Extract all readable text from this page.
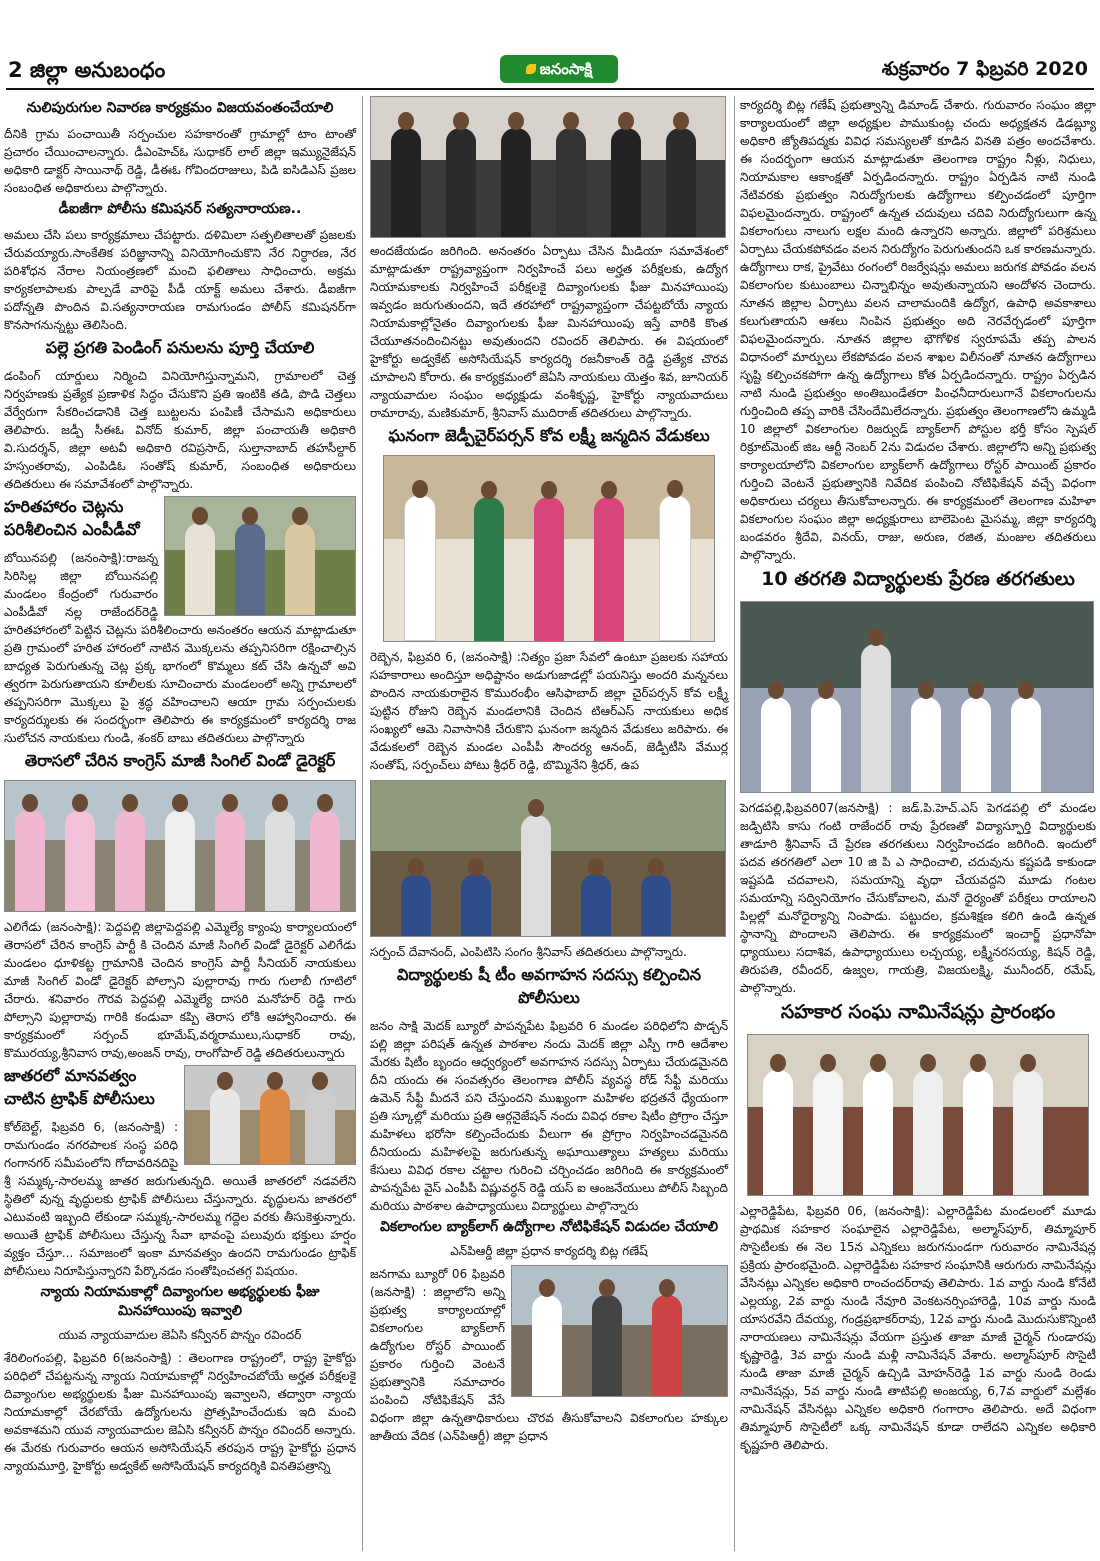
2 జిల్లా అనుబంధం	జనంసాక్షి	శుక్రవారం 7 ఫిబ్రవరి 2020
నులిపురుగుల నివారణ కార్యక్రమం విజయవంతంచేయాలి

దీనికి గ్రామ పంచాయితీ సర్పంచుల సహకారంతో గ్రామాల్లో టాం టాంతో ప్రచారం చేయించాలన్నారు. డీఎంహెచ్ఓ సుధాకర్ లాల్ జిల్లా ఇమ్యునైజేషన్ అధికారి డాక్టర్ సాయినాథ్ రెడ్డి, డీఈఓ గోవిందరాజులు, పిడి ఐసిడిఎస్ ప్రజల సంబంధిత అధికారులు పాల్గొన్నారు.

డీఐజీగా పోలీసు కమిషనర్ సత్యనారాయణ..

అమలు చేసి పలు కార్యక్రమాలు చేపట్టారు. దళిమిలా సత్ఫలితాలతో ప్రజలకు చేరువయ్యారు.సాంకేతిక పరిజ్ఞానాన్ని వినియోగించుకొని నేర నిర్ధారణ, నేర పరిశోధన నేరాల నియంత్రణలో మంచి ఫలితాలు సాధించారు. అక్రమ కార్యకలాపాలకు పాల్పడే వారిపై పీడీ యాక్ట్ అమలు చేశారు. డీఐజీగా పదోన్నతి పొందిన వి.సత్యనారాయణ రామగుండం పోలీస్ కమిషనర్‌గా కొనసాగనున్నట్టు తెలిసింది.

పల్లె ప్రగతి పెండింగ్ పనులను పూర్తి చేయాలి

డంపింగ్ యార్డులు నిర్మించి వినియోగిస్తున్నామని, గ్రామాలలో చెత్త నిర్వహణకు ప్రత్యేక ప్రణాళిక సిద్ధం చేసుకొని ప్రతి ఇంటికి తడి, పొడి చెత్తలు వేర్వేరుగా సేకరించడానికి చెత్త బుట్టలను పంపిణీ చేసామని అధికారులు తెలిపారు. జడ్పీ సీఈఓ వినోద్ కుమార్, జిల్లా పంచాయతీ అధికారి వి.సుదర్శన్, జిల్లా అటవీ అధికారి రవిప్రసాద్, సుల్తానాబాద్ తహసీల్దార్ హస్సంతరావు, ఎంపిడిఓ సంతోష్ కుమార్, సంబంధిత అధికారులు తదితరులు ఈ సమావేశంలో పాల్గొన్నారు.

హరితహారం చెట్లను పరిశీలించిన ఎంపీడీవో

బోయినపల్లి (జనంసాక్షి):రాజన్న సిరిసిల్ల జిల్లా బోయినపల్లి మండలం కేంద్రంలో గురువారం ఎంపీడీవో నల్ల రాజేందర్‌రెడ్డి హరితహారంలో పెట్టిన చెట్లను పరిశీలించారు అనంతరం ఆయన మాట్లాడుతూ ప్రతి గ్రామంలో హరిత హారంలో నాటిన మొక్కలను తప్పనిసరిగా రక్షించాల్సిన బాధ్యత పెరుగుతున్న చెట్ల ప్రక్క భాగంలో కొమ్మలు కట్ చేసి ఉన్నచో అవి త్వరగా పెరుగుతాయని కూలీలకు సూచించారు మండలంలో అన్ని గ్రామాలలో తప్పనిసరిగా మొక్కలు పై శ్రద్ధ వహించాలని ఆయా గ్రామ సర్పంచులకు కార్యదర్శులకు ఈ సందర్భంగా తెలిపారు ఈ కార్యక్రమంలో కార్యదర్శి రాజ సులోచన నాయకులు గుండి, శంకర్ బాబు తదితరులు పాల్గొన్నారు

తెరాసలో చేరిన కాంగ్రెస్ మాజీ సింగిల్ విండో డైరెక్టర్

ఎలిగేడు (జనంసాక్షి): పెద్దపల్లి జిల్లాపెద్దపల్లి ఎమ్మెల్యే క్యాంపు కార్యాలయంలో తెరాసలో చేరిన కాంగ్రెస్ పార్టీ కి చెందిన మాజీ సింగిల్ విండో డైరెక్టర్ ఎలిగేడు మండలం ధూళికట్ట గ్రామానికి చెందిన కాంగ్రెస్ పార్టీ సీనియర్ నాయకులు మాజీ సింగిల్ విండో డైరెక్టర్ పోల్సాని పుల్లారావు గారు గులాబీ గూటిలో చేరారు. శనివారం గౌరవ పెద్దపల్లి ఎమ్మెల్యే దాసరి మనోహర్ రెడ్డి గారు పోల్సాని పుల్లారావు గారికి కండువా కప్పి తెరాస లోకి ఆహ్వానించారు. ఈ కార్యక్రమంలో సర్పంచ్ భూమేష్,వర్మరాములు,సుధాకర్ రావు, కొమురయ్య,శ్రీనివాస రావు,అంజన్ రావు, రాంగోపాల్ రెడ్డి తదితరులున్నారు

జాతరలో మానవత్వం చాటిన ట్రాఫిక్ పోలీసులు

కోల్‌బెల్ట్, ఫిబ్రవరి 6, (జనంసాక్షి) : రామగుండం నగరపాలక సంస్థ పరిధి గంగానగర్ సమీపంలోని గోదావరినదిపై శ్రీ సమ్మక్క-సారలమ్మ జాతర జరుగుతున్నది. అయితే జాతరలో నడవలేని స్థితిలో వున్న వృద్ధులకు ట్రాఫిక్ పోలీసులు చేస్తున్నారు. వృద్ధులను జాతరలో ఎటువంటి ఇబ్బంది లేకుండా సమ్మక్క-సారలమ్మ గద్దెల వరకు తీసుకెళ్తున్నారు. అయితే ట్రాఫిక్ పోలీసులు చేస్తున్న సేవా భావంపై పలువురు భక్తులు హర్షం వ్యక్తం చేస్తూ... సమాజంలో ఇంకా మానవత్వం ఉందని రామగుండం ట్రాఫిక్ పోలీసులు నిరూపిస్తున్నారని పేర్కొనడం సంతోషించతగ్గ విషయం.

న్యాయ నియామకాల్లో దివ్యాంగుల అభ్యర్థులకు ఫీజు మినహాయింపు ఇవ్వాలి
యువ న్యాయవాదుల జెఏసి కన్వీనర్ పొన్నం రవిందర్

శేరిలింగంపల్లి, ఫిబ్రవరి 6(జనంసాక్షి) : తెలంగాణ రాష్ట్రంలో, రాష్ట్ర హైకోర్టు పరిధిలో చేపట్టనున్న న్యాయ నియామకాల్లో నిర్వహించబోయే అర్హత పరీక్షలకై దివ్యాంగుల అభ్యర్థులకు ఫీజు మినహాయింపు ఇవ్వాలని, తద్వారా న్యాయ నియామకాల్లో చేరబోయే ఉద్యోగులను ప్రోత్సహించేందుకు ఇది మంచి అవకాశమని యువ న్యాయవాదుల జెఏసి కన్వీనర్ పొన్నం రవిందర్ అన్నారు. ఈ మేరకు గురువారం ఆయన అసోసియేషన్ తరపున రాష్ట్ర హైకోర్టు ప్రధాన న్యాయమూర్తి, హైకోర్టు అడ్వకేట్ అసోసియేషన్ కార్యదర్శికి వినతిపత్రాన్ని

అందజేయడం జరిగింది. అనంతరం ఏర్పాటు చేసిన మీడియా సమావేశంలో మాట్లాడుతూ రాష్ట్రవ్యాప్తంగా నిర్వహించే పలు అర్హత పరీక్షలకు, ఉద్యోగ నియామకాలకు నిర్వహించే పరీక్షలకై దివ్యాంగులకు ఫీజు మినహాయింపు ఇవ్వడం జరుగుతుందని, ఇదే తరహాలో రాష్ట్రవ్యాప్తంగా చేపట్టబోయే న్యాయ నియామకాల్లోనైతం దివ్యాంగులకు ఫీజు మినహాయింపు ఇస్తే వారికి కొంత చేయూతనందించినట్టు అవుతుందని రవిందర్ తెలిపారు. ఈ విషయంలో హైకోర్టు అడ్వకేట్ అసోసియేషన్ కార్యదర్శి రజనీకాంత్ రెడ్డి ప్రత్యేక చొరవ చూపాలని కోరారు. ఈ కార్యక్రమంలో జెఏసి నాయకులు యెత్తం శివ, జూనియర్ న్యాయవాదుల సంఘం అధ్యక్షుడు వంశీకృష్ణ, హైకోర్టు న్యాయవాదులు రామారావు, మణికుమార్, శ్రీనివాస్ ముదిరాజ్ తదితరులు పాల్గొన్నారు.

ఘనంగా జెడ్పీచైర్‌పర్సన్ కోవ లక్ష్మీ జన్మదిన వేడుకలు

రెబ్బెన, ఫిబ్రవరి 6, (జనంసాక్షి) :నిత్యం ప్రజా సేవలో ఉంటూ ప్రజలకు సహాయ సహకారాలు అందిస్తూ అధిష్టానం అడుగుజాడల్లో పయనిస్తు అందరి మన్ననలు పొందిన నాయకురాలైన కొమురంభీం ఆసిఫాబాద్ జిల్లా చైర్‌పర్సన్ కోవ లక్ష్మీ పుట్టిన రోజుని రెబ్బెన మండలానికి చెందిన టిఆర్ఎస్ నాయకులు అధిక సంఖ్యలో ఆమె నివాసానికి చేరుకొని ఘనంగా జన్మదిన వేడుకలు జరిపారు. ఈ వేడుకలలో రెబ్బెన మండల ఎంపీపీ సౌందర్య ఆనంద్, జెడ్పీటీసి వేముర్ల సంతోష్, సర్పంచ్‌లు పోటు శ్రీధర్ రెడ్డి, బొమ్మినేని శ్రీధర్, ఉప

సర్పంచ్ దేవానంద్, ఎంపిటిసి సంగం శ్రీనివాస్ తదితరులు పాల్గొన్నారు.

విద్యార్థులకు షీ టీం అవగాహన సదస్సు కల్పించిన పోలీసులు

జనం సాక్షి మెదక్ బ్యూరో పాపన్నపేట ఫిబ్రవరి 6 మండల పరిధిలోని పొడ్చన్ పల్లి జిల్లా పరిషత్ ఉన్నత పాఠశాల నందు మెదక్ జిల్లా ఎస్పీ గారి ఆదేశాల మేరకు షిటీం బృందం ఆధ్వర్యంలో అవగాహన సదస్సు ఏర్పాటు చేయడమైనది దీని యందు ఈ సంవత్సరం తెలంగాణ పోలీస్ వ్యవస్థ రోడ్ సేఫ్టీ మరియు ఉమెన్ సేఫ్టీ మీదనే పని చేస్తుందని ముఖ్యంగా మహిళల భద్రతనే ధ్యేయంగా ప్రతి స్కూల్లో మరియు ప్రతి ఆర్గనైజేషన్ నందు వివిధ రకాల షిటీం ప్రోగ్రాం చేస్తూ మహిళలు భరోసా కల్పించేందుకు వీలుగా ఈ ప్రోగ్రాం నిర్వహించడమైనది దీనియందు మహిళలపై జరుగుతున్న అఘాయిత్యాలు హత్యలు మరియు కేసులు వివిధ రకాల చట్టాల గురించి చర్చించడం జరిగింది ఈ కార్యక్రమంలో పాపన్నపేట వైస్ ఎంపీపీ విష్ణువర్ధన్ రెడ్డి యస్ ఐ ఆంజనేయులు పోలీస్ సిబ్బంది మరియు పాఠశాల ఉపాధ్యాయులు విద్యార్థులు పాల్గొన్నారు

వికలాంగుల బ్యాక్‌లాగ్ ఉద్యోగాల నోటిఫికేషన్ విడుదల చేయాలి
ఎన్‌పిఆర్డీ జిల్లా ప్రధాన కార్యదర్శి బిట్ల గణేష్

జనగామ బ్యూరో 06 ఫిబ్రవరి (జనసాక్షి) : జిల్లాలోని అన్ని ప్రభుత్వ కార్యాలయాల్లో వికలాంగుల బ్యాక్‌లాగ్ ఉద్యోగుల రోస్టర్ పాయింట్ ప్రకారం గుర్తించి వెంటనే ప్రభుత్వానికి సమాచారం పంపించి నోటిఫికేషన్ వేసే విధంగా జిల్లా ఉన్నతాధికారులు చొరవ తీసుకోవాలని వికలాంగుల హక్కుల జాతీయ వేదిక (ఎన్‌పిఆర్డీ) జిల్లా ప్రధాన

కార్యదర్శి బిట్ల గణేష్ ప్రభుత్వాన్ని డిమాండ్ చేశారు. గురువారం సంఘం జిల్లా కార్యాలయంలో జిల్లా అధ్యక్షుల పాముకుంట్ల చందు అధ్యక్షతన డిడబ్ల్యూ అధికారి జ్యోతిపద్మకు వివిధ సమస్యలతో కూడిన వినతి పత్రం అందచేశారు. ఈ సందర్భంగా ఆయన మాట్లాడుతూ తెలంగాణ రాష్ట్రం నీళ్లు, నిధులు, నియామకాల ఆకాంక్షతో ఏర్పడిందన్నారు. రాష్ట్రం ఏర్పడిన నాటి నుండి నేటివరకు ప్రభుత్వం నిరుద్యోగులకు ఉద్యోగాలు కల్పించడంలో పూర్తిగా విఫలమైందన్నారు. రాష్ట్రంలో ఉన్నత చదువులు చదివి నిరుద్యోగులుగా ఉన్న వికలాంగులు నాలుగు లక్షల మంది ఉన్నారని అన్నారు. జిల్లాలో పరిశ్రమలు ఏర్పాటు చేయకపోవడం వలన నిరుద్యోగం పెరుగుతుందని ఒక కారణమన్నారు. ఉద్యోగాలు రాక, ప్రైవేటు రంగంలో రిజర్వేషన్లు అమలు జరుగక పోవడం వలన వికలాంగుల కుటుంబాలు చిన్నాభిన్నం అవుతున్నాయని ఆందోళన చెందారు. నూతన జిల్లాల ఏర్పాటు వలన చాలామందికి ఉద్యోగ, ఉపాధి అవకాశాలు కలుగుతాయని ఆశలు నింపిన ప్రభుత్వం అది నెరవేర్చడంలో పూర్తిగా విఫలమైందన్నారు. నూతన జిల్లాల భౌగోళిక స్వరూపమే తప్ప పాలన విధానంలో మార్పులు లేకపోవడం వలన శాఖల విలీనంతో నూతన ఉద్యోగాలు సృష్టి కల్పించకపోగా ఉన్న ఉద్యోగాలు కోత ఏర్పడిందన్నారు. రాష్ట్రం ఏర్పడిన నాటి నుండి ప్రభుత్వం అంతిబుండేతరా పింఛనీదారులుగానే వికలాంగులను గుర్తించింది తప్ప వారికి చేసిందేమిలేదన్నారు. ప్రభుత్వం తెలంగాణలోని ఉమ్మడి 10 జిల్లాలో వికలాంగుల రిజర్వుడ్ బ్యాక్‌లాగ్ పోస్టుల భర్తీ కోసం స్పెషల్ రిక్రూట్‌మెంట్ జిఒ ఆర్టీ నెంబర్ 2ను విడుదల చేశారు. జిల్లాలోని అన్ని ప్రభుత్వ కార్యాలయాలోని వికలాంగుల బ్యాక్‌లాగ్ ఉద్యోగాలు రోస్టర్ పాయింట్ ప్రకారం గుర్తించి వెంటనే ప్రభుత్వానికి నివేదిక పంపించి నోటిఫికేషన్ వచ్చే విధంగా అధికారులు చర్యలు తీసుకోవాలన్నారు. ఈ కార్యక్రమంలో తెలంగాణ మహిళా వికలాంగుల సంఘం జిల్లా అధ్యక్షురాలు బాలెపెంట మైసమ్మ, జిల్లా కార్యదర్శి బండవరం శ్రీదేవి, వినయ్, రాజు, అరుణ, రజిత, మంజుల తదితరులు పాల్గొన్నారు.

10 తరగతి విద్యార్థులకు ప్రేరణ తరగతులు

పెగడపల్లి,ఫిబ్రవరి07(జనసాక్షి) : జడ్.పి.హెచ్.ఎస్ పెగడపల్లి లో మండల జడ్పిటిసి కాసు గంటి రాజేందర్ రావు ప్రేరణతో విద్యాస్ఫూర్తి విద్యార్థులకు తాడూరి శ్రీనివాస్ చే ప్రేరణ తరగతులు నిర్వహించడం జరిగింది. ఇందులో పదవ తరగతిలో ఎలా 10 జి పి ఎ సాధించాలి, చదువును కష్టపడి కాకుండా ఇష్టపడి చదవాలని, సమయాన్ని వృధా చేయవద్దని మూడు గంటల సమయాన్ని సద్వినియోగం చేసుకోవాలని, మనో ధైర్యంతో పరీక్షలు రాయాలని పిల్లల్లో మనోధైర్యాన్ని నింపాడు. పట్టుదల, క్రమశిక్షణ కలిగి ఉండి ఉన్నత స్థానాన్ని పొందాలని తెలిపారు. ఈ కార్యక్రమంలో ఇంచార్జ్ ప్రధానోపా ధ్యాయులు సదాశివ, ఉపాధ్యాయులు లచ్చయ్య, లక్ష్మీనరసయ్య, కిషన్ రెడ్డి, తిరుపతి, రవీందర్, ఉజ్వల, గాయత్రి, విజయలక్ష్మి, మునీందర్, రమేష్, పాల్గొన్నారు.

సహకార సంఘ నామినేషన్లు ప్రారంభం

ఎల్లారెడ్డిపేట, ఫిబ్రవరి 06, (జనంసాక్షి): ఎల్లారెడ్డిపేట మండలంలో మూడు ప్రాథమిక సహకార సంఘాలైన ఎల్లారెడ్డిపేట, అల్మాస్‌పూర్, తిమ్మాపూర్ సొసైటీలకు ఈ నెల 15న ఎన్నికలు జరుగనుండగా గురువారం నామినేషన్ల ప్రక్రియ ప్రారంభమైంది. ఎల్లారెడ్డిపేట సహకార సంఘానికి ఆరుగురు నామినేషన్లు వేసినట్లు ఎన్నికల అధికారి రాంచందర్‌రావు తెలిపారు. 1వ వార్డు నుండి కోనేటి ఎల్లయ్య, 2వ వార్డు నుండి నేవూరి వెంకటనర్సింహారెడ్డి, 10వ వార్డు నుండి యాసరవేని దేవయ్య, గండ్రప్రభాకర్‌రావు, 12వ వార్డు నుండి మొదుసుకొన్నింటి నారాయణలు నామినేషన్లు వేయగా ప్రస్తుత తాజా మాజీ చైర్మన్ గుండారపు కృష్ణారెడ్డి, 3వ వార్డు నుండి మళ్లీ నామినేషన్ వేశారు. అల్మాస్‌పూర్ సొసైటీ నుండి తాజా మాజీ చైర్మన్ ఉచ్చిడి మోహన్‌రెడ్డి 1వ వార్డు నుండి రెండు నామినేషన్లు, 5వ వార్డు నుండి తాటిపల్లి అంజయ్య, 6,7వ వార్డులో మల్లేశం నామినేషన్ వేసినట్లు ఎన్నికల అధికారి గంగారాం తెలిపారు. అదే విధంగా తిమ్మాపూర్ సొసైటీలో ఒక్క నామినేషన్ కూడా రాలేదని ఎన్నికల అధికారి కృష్ణహరి తెలిపారు.
